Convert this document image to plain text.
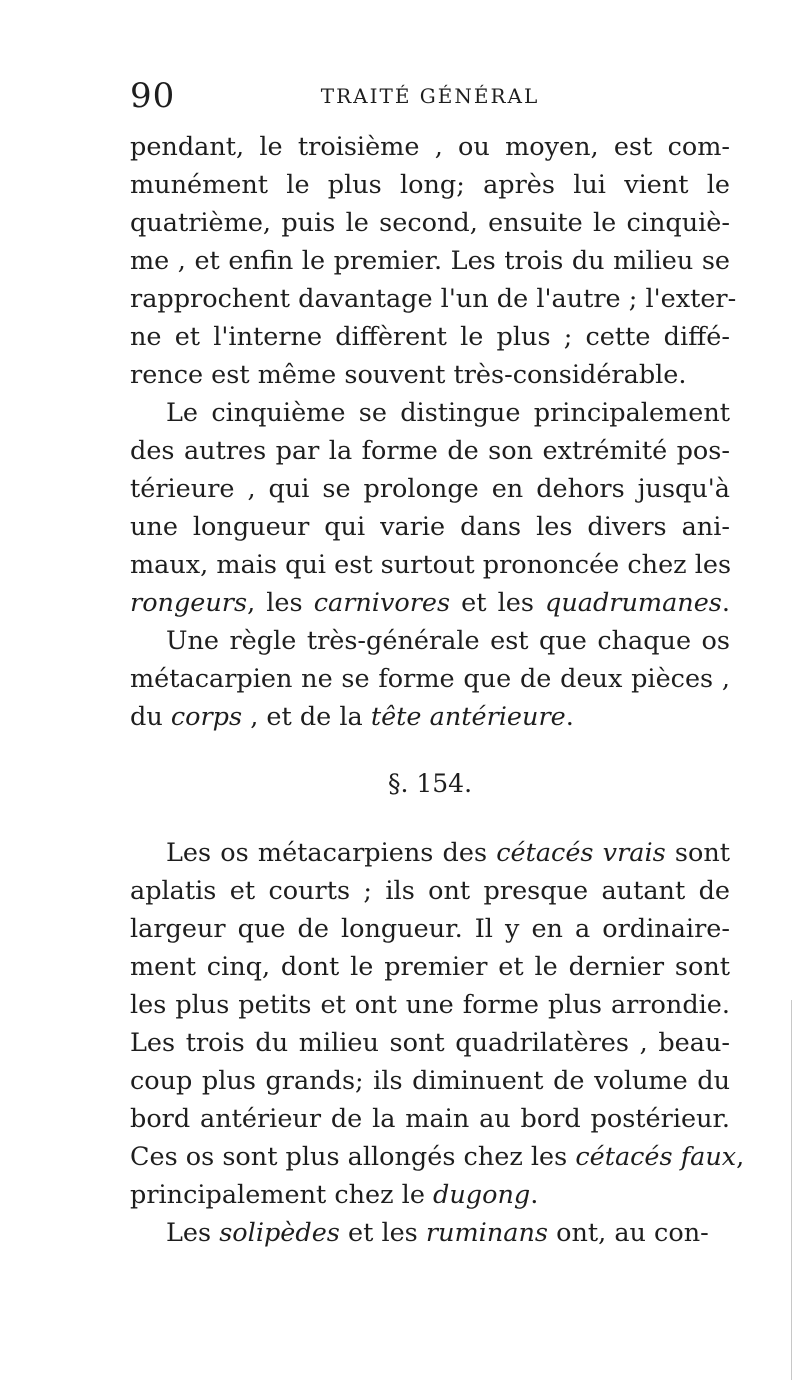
90	TRAITÉ GÉNÉRAL
pendant, le troisième , ou moyen, est com-
munément le plus long; après lui vient le
quatrième, puis le second, ensuite le cinquiè-
me , et enfin le premier. Les trois du milieu se
rapprochent davantage l'un de l'autre ; l'exter-
ne et l'interne diffèrent le plus ; cette diffé-
rence est même souvent très-considérable.
Le cinquième se distingue principalement
des autres par la forme de son extrémité pos-
térieure , qui se prolonge en dehors jusqu'à
une longueur qui varie dans les divers ani-
maux, mais qui est surtout prononcée chez les
rongeurs, les carnivores et les quadrumanes.
Une règle très-générale est que chaque os
métacarpien ne se forme que de deux pièces ,
du corps , et de la tête antérieure.
§. 154.
Les os métacarpiens des cétacés vrais sont
aplatis et courts ; ils ont presque autant de
largeur que de longueur. Il y en a ordinaire-
ment cinq, dont le premier et le dernier sont
les plus petits et ont une forme plus arrondie.
Les trois du milieu sont quadrilatères , beau-
coup plus grands; ils diminuent de volume du
bord antérieur de la main au bord postérieur.
Ces os sont plus allongés chez les cétacés faux,
principalement chez le dugong.
Les solipèdes et les ruminans ont, au con-
